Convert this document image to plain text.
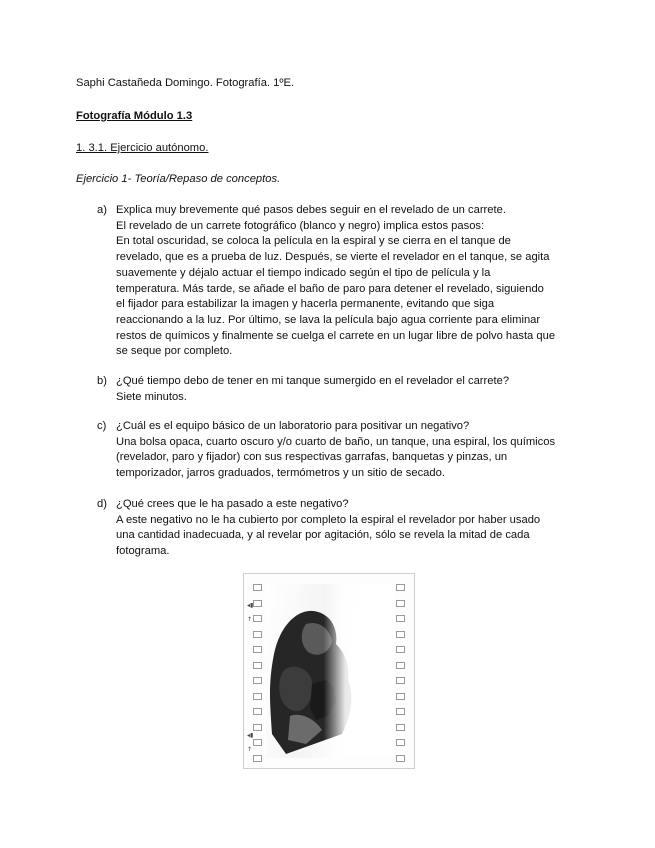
Saphi Castañeda Domingo. Fotografía. 1ºE.
Fotografía Módulo 1.3
1. 3.1. Ejercicio autónomo.
Ejercicio 1- Teoría/Repaso de conceptos.
a) Explica muy brevemente qué pasos debes seguir en el revelado de un carrete.
El revelado de un carrete fotográfico (blanco y negro) implica estos pasos:
En total oscuridad, se coloca la película en la espiral y se cierra en el tanque de
revelado, que es a prueba de luz. Después, se vierte el revelador en el tanque, se agita
suavemente y déjalo actuar el tiempo indicado según el tipo de película y la
temperatura. Más tarde, se añade el baño de paro para detener el revelado, siguiendo
el fijador para estabilizar la imagen y hacerla permanente, evitando que siga
reaccionando a la luz. Por último, se lava la película bajo agua corriente para eliminar
restos de químicos y finalmente se cuelga el carrete en un lugar libre de polvo hasta que
se seque por completo.
b) ¿Qué tiempo debo de tener en mi tanque sumergido en el revelador el carrete?
Siete minutos.
c) ¿Cuál es el equipo básico de un laboratorio para positivar un negativo?
Una bolsa opaca, cuarto oscuro y/o cuarto de baño, un tanque, una espiral, los químicos
(revelador, paro y fijador) con sus respectivas garrafas, banquetas y pinzas, un
temporizador, jarros graduados, termómetros y un sitio de secado.
d) ¿Qué crees que le ha pasado a este negativo?
A este negativo no le ha cubierto por completo la espiral el revelador por haber usado
una cantidad inadecuada, y al revelar por agitación, sólo se revela la mitad de cada
fotograma.
◂▮
↑
◂▮
↑
